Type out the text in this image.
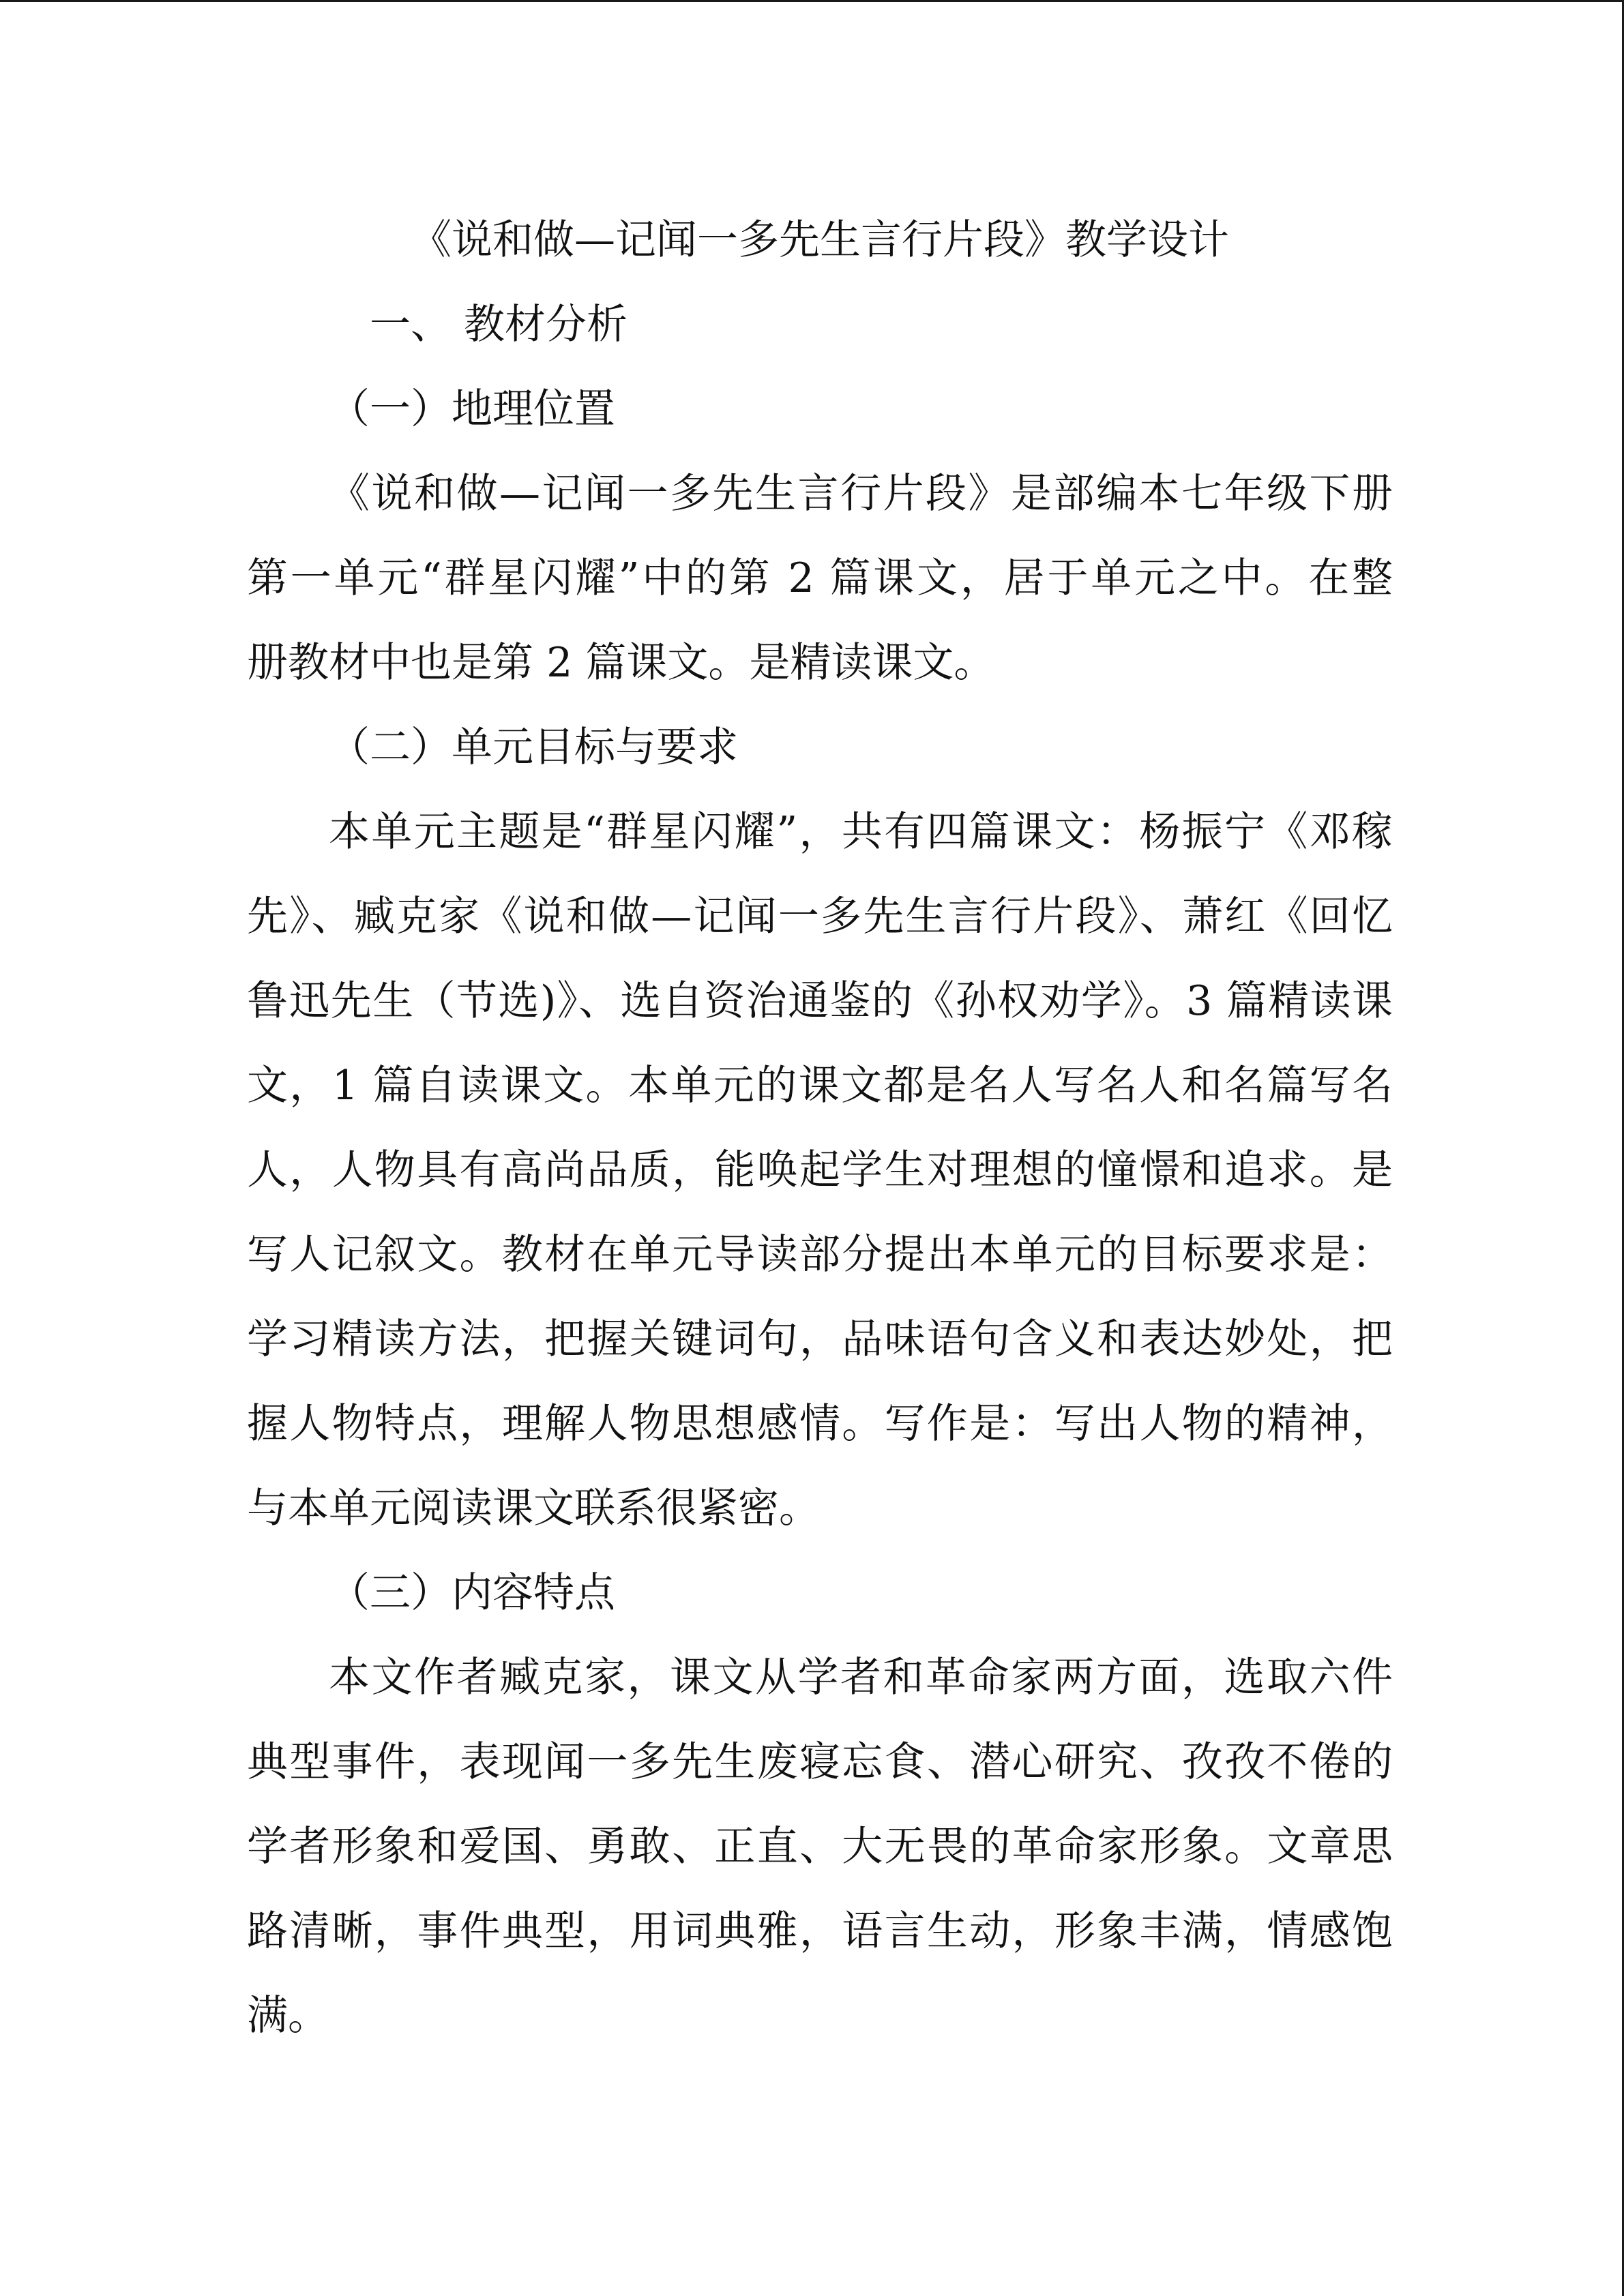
《说和做—记闻一多先生言行片段》教学设计
一、 教材分析
（一）地理位置
《说和做—记闻一多先生言行片段》是部编本七年级下册
第一单元“群星闪耀”中的第 2 篇课文，居于单元之中。在整
册教材中也是第 2 篇课文。是精读课文。
（二）单元目标与要求
本单元主题是“群星闪耀”，共有四篇课文：杨振宁《邓稼
先》、臧克家《说和做—记闻一多先生言行片段》、萧红《回忆
鲁迅先生（节选)》、选自资治通鉴的《孙权劝学》。3 篇精读课
文，1 篇自读课文。本单元的课文都是名人写名人和名篇写名
人，人物具有高尚品质，能唤起学生对理想的憧憬和追求。是
写人记叙文。教材在单元导读部分提出本单元的目标要求是：
学习精读方法，把握关键词句，品味语句含义和表达妙处，把
握人物特点，理解人物思想感情。写作是：写出人物的精神，
与本单元阅读课文联系很紧密。
（三）内容特点
本文作者臧克家，课文从学者和革命家两方面，选取六件
典型事件，表现闻一多先生废寝忘食、潜心研究、孜孜不倦的
学者形象和爱国、勇敢、正直、大无畏的革命家形象。文章思
路清晰，事件典型，用词典雅，语言生动，形象丰满，情感饱
满。
